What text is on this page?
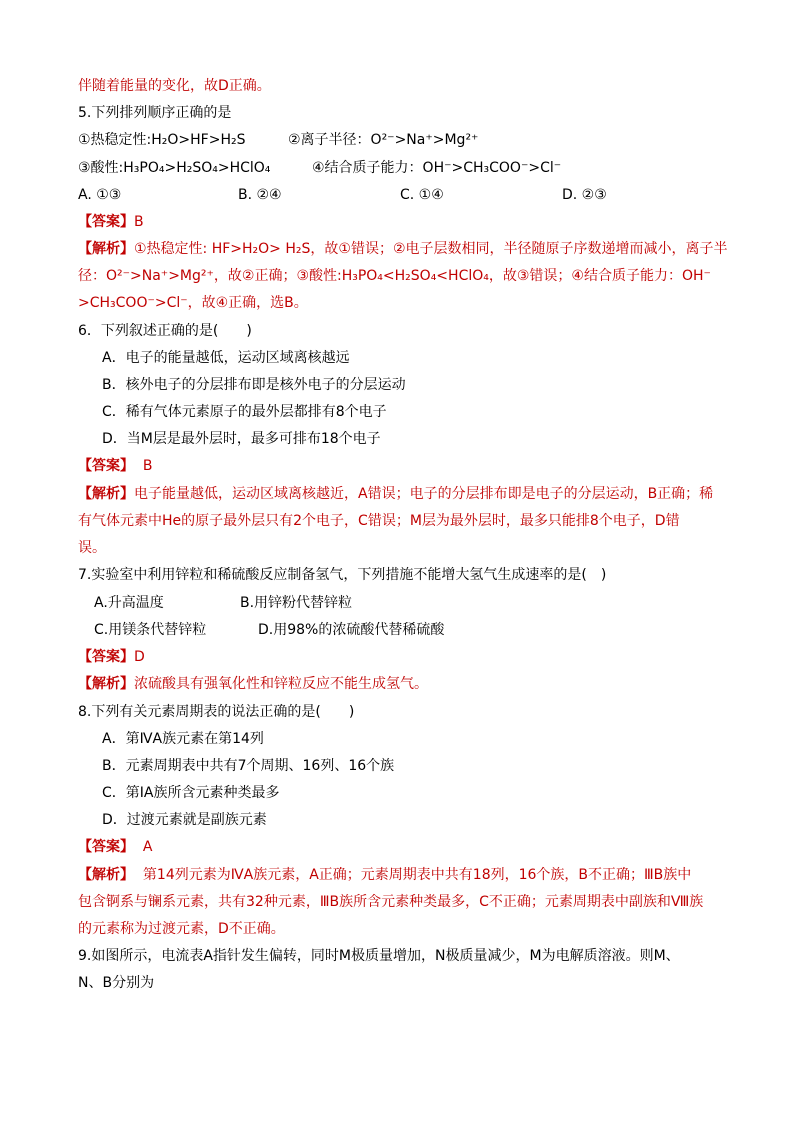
伴随着能量的变化，故D正确。
5.下列排列顺序正确的是
①热稳定性:H₂O>HF>H₂S	②离子半径：O²⁻>Na⁺>Mg²⁺
③酸性:H₃PO₄>H₂SO₄>HClO₄	④结合质子能力：OH⁻>CH₃COO⁻>Cl⁻
A. ①③	B. ②④	C. ①④	D. ②③
【答案】B
【解析】①热稳定性: HF>H₂O> H₂S，故①错误；②电子层数相同，半径随原子序数递增而减小，离子半
径：O²⁻>Na⁺>Mg²⁺，故②正确；③酸性:H₃PO₄<H₂SO₄<HClO₄，故③错误；④结合质子能力：OH⁻
>CH₃COO⁻>Cl⁻，故④正确，选B。
6．下列叙述正确的是(　　)
A．电子的能量越低，运动区域离核越远
B．核外电子的分层排布即是核外电子的分层运动
C．稀有气体元素原子的最外层都排有8个电子
D．当M层是最外层时，最多可排布18个电子
【答案】 B
【解析】电子能量越低，运动区域离核越近，A错误；电子的分层排布即是电子的分层运动，B正确；稀
有气体元素中He的原子最外层只有2个电子，C错误；M层为最外层时，最多只能排8个电子，D错
误。
7.实验室中利用锌粒和稀硫酸反应制备氢气，下列措施不能增大氢气生成速率的是(　)
A.升高温度	B.用锌粉代替锌粒
C.用镁条代替锌粒	D.用98%的浓硫酸代替稀硫酸
【答案】D
【解析】浓硫酸具有强氧化性和锌粒反应不能生成氢气。
8.下列有关元素周期表的说法正确的是(　　)
A．第ⅣA族元素在第14列
B．元素周期表中共有7个周期、16列、16个族
C．第ⅠA族所含元素种类最多
D．过渡元素就是副族元素
【答案】 A
【解析】 第14列元素为ⅣA族元素，A正确；元素周期表中共有18列，16个族，B不正确；ⅢB族中
包含锕系与镧系元素，共有32种元素，ⅢB族所含元素种类最多，C不正确；元素周期表中副族和Ⅷ族
的元素称为过渡元素，D不正确。
9.如图所示，电流表A指针发生偏转，同时M极质量增加，N极质量减少，M为电解质溶液。则M、
N、B分别为
